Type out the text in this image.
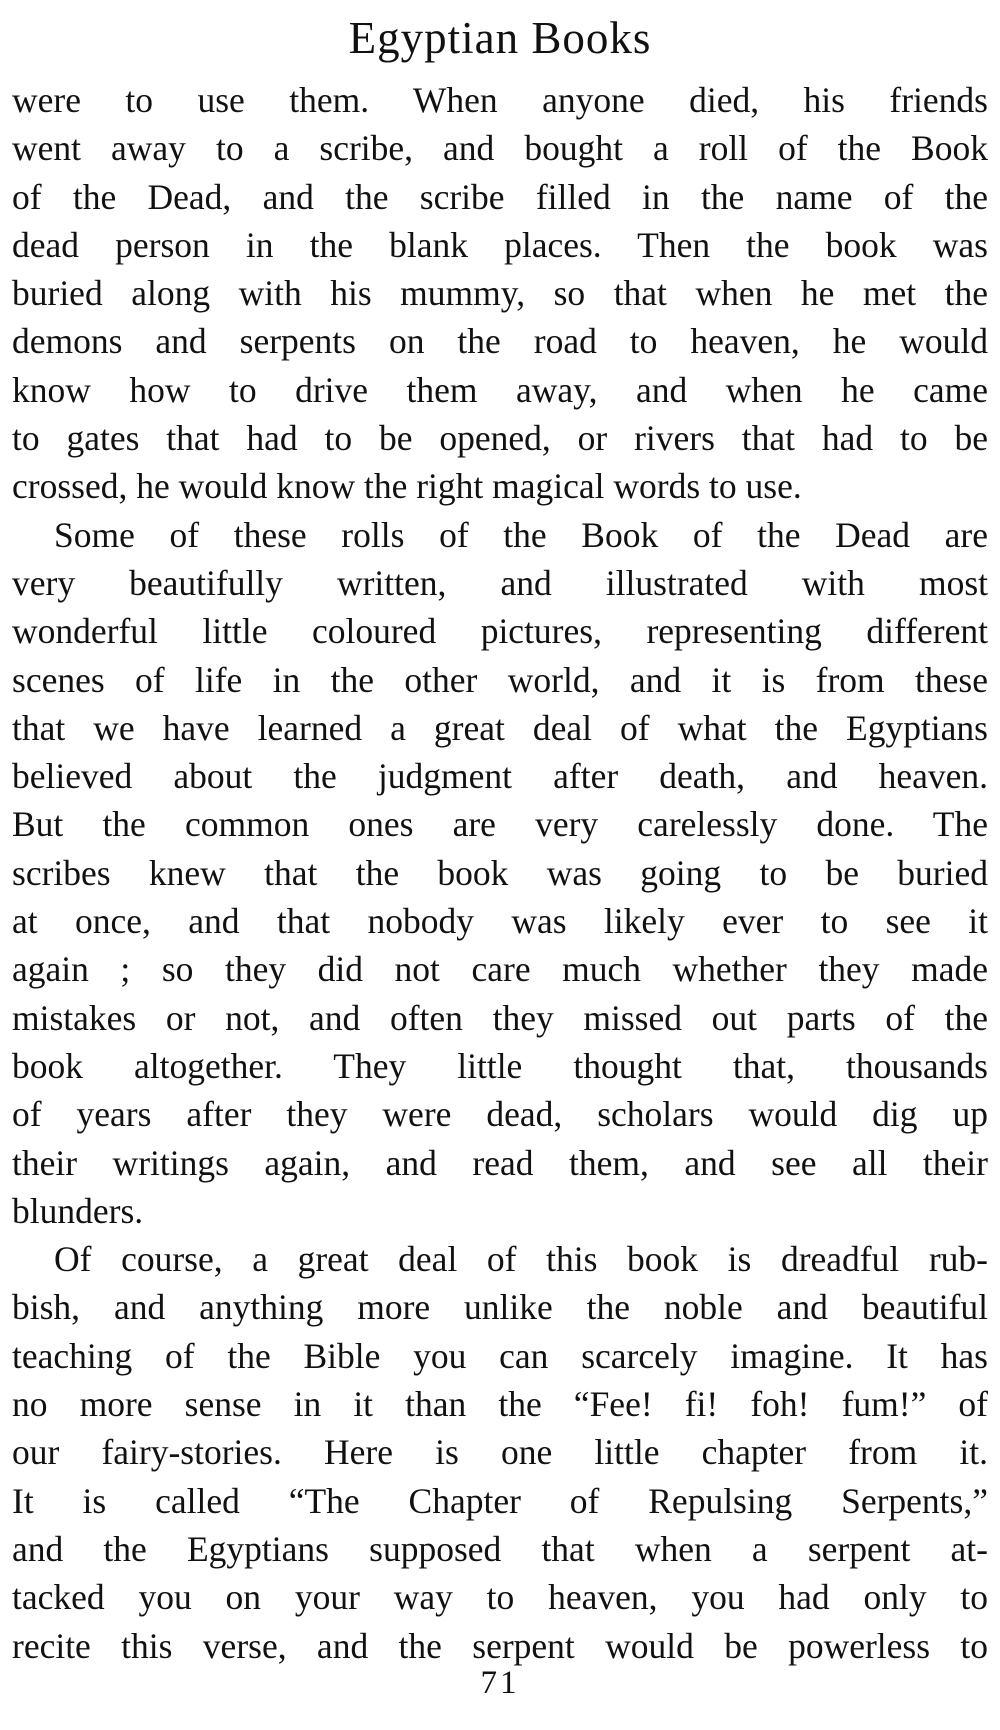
Egyptian Books
were to use them. When anyone died, his friends
went away to a scribe, and bought a roll of the Book
of the Dead, and the scribe filled in the name of the
dead person in the blank places. Then the book was
buried along with his mummy, so that when he met the
demons and serpents on the road to heaven, he would
know how to drive them away, and when he came
to gates that had to be opened, or rivers that had to be
crossed, he would know the right magical words to use.
Some of these rolls of the Book of the Dead are
very beautifully written, and illustrated with most
wonderful little coloured pictures, representing different
scenes of life in the other world, and it is from these
that we have learned a great deal of what the Egyptians
believed about the judgment after death, and heaven.
But the common ones are very carelessly done. The
scribes knew that the book was going to be buried
at once, and that nobody was likely ever to see it
again ; so they did not care much whether they made
mistakes or not, and often they missed out parts of the
book altogether. They little thought that, thousands
of years after they were dead, scholars would dig up
their writings again, and read them, and see all their
blunders.
Of course, a great deal of this book is dreadful rub-
bish, and anything more unlike the noble and beautiful
teaching of the Bible you can scarcely imagine. It has
no more sense in it than the “Fee! fi! foh! fum!” of
our fairy-stories. Here is one little chapter from it.
It is called “The Chapter of Repulsing Serpents,”
and the Egyptians supposed that when a serpent at-
tacked you on your way to heaven, you had only to
recite this verse, and the serpent would be powerless to
71
